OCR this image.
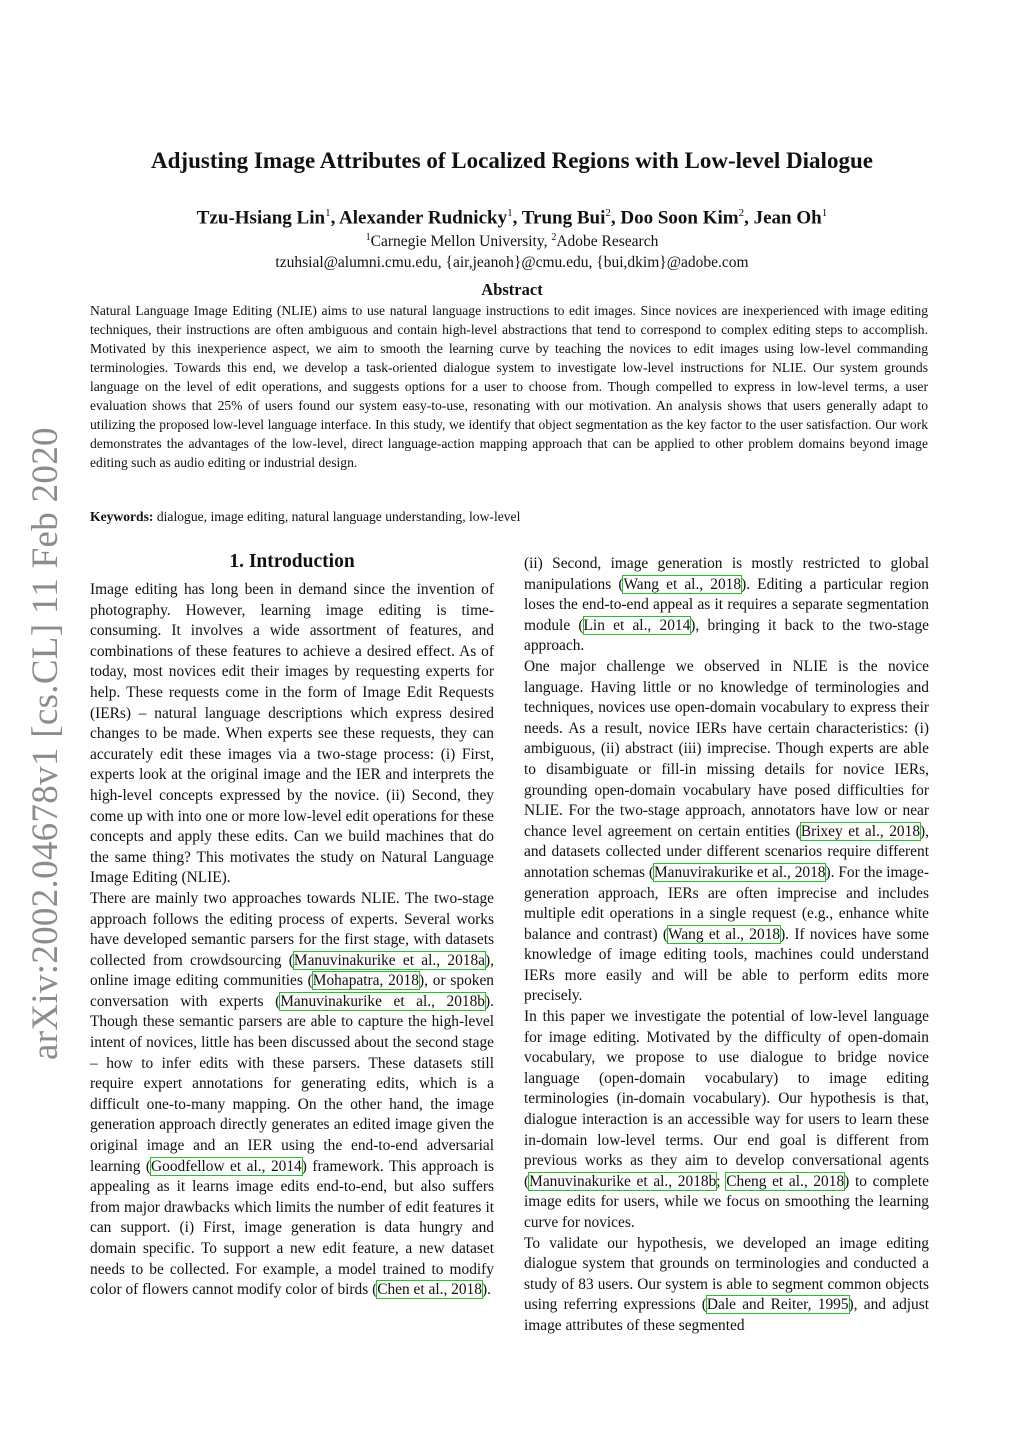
arXiv:2002.04678v1 [cs.CL] 11 Feb 2020
Adjusting Image Attributes of Localized Regions with Low-level Dialogue
Tzu-Hsiang Lin$^1$, Alexander Rudnicky$^1$, Trung Bui$^2$, Doo Soon Kim$^2$, Jean Oh$^1$
$^1$Carnegie Mellon University, $^2$Adobe Research
tzuhsial@alumni.cmu.edu, {air,jeanoh}@cmu.edu, {bui,dkim}@adobe.com
Abstract

Natural Language Image Editing (NLIE) aims to use natural language instructions to edit images. Since novices are inexperienced with image editing techniques, their instructions are often ambiguous and contain high-level abstractions that tend to correspond to complex editing steps to accomplish. Motivated by this inexperience aspect, we aim to smooth the learning curve by teaching the novices to edit images using low-level commanding terminologies. Towards this end, we develop a task-oriented dialogue system to investigate low-level instructions for NLIE. Our system grounds language on the level of edit operations, and suggests options for a user to choose from. Though compelled to express in low-level terms, a user evaluation shows that 25% of users found our system easy-to-use, resonating with our motivation. An analysis shows that users generally adapt to utilizing the proposed low-level language interface. In this study, we identify that object segmentation as the key factor to the user satisfaction. Our work demonstrates the advantages of the low-level, direct language-action mapping approach that can be applied to other problem domains beyond image editing such as audio editing or industrial design.

Keywords: dialogue, image editing, natural language understanding, low-level

1. Introduction

Image editing has long been in demand since the invention of photography. However, learning image editing is time-consuming. It involves a wide assortment of features, and combinations of these features to achieve a desired effect. As of today, most novices edit their images by requesting experts for help. These requests come in the form of Image Edit Requests (IERs) – natural language descriptions which express desired changes to be made. When experts see these requests, they can accurately edit these images via a two-stage process: (i) First, experts look at the original image and the IER and interprets the high-level concepts expressed by the novice. (ii) Second, they come up with into one or more low-level edit operations for these concepts and apply these edits. Can we build machines that do the same thing? This motivates the study on Natural Language Image Editing (NLIE).

There are mainly two approaches towards NLIE. The two-stage approach follows the editing process of experts. Several works have developed semantic parsers for the first stage, with datasets collected from crowdsourcing (Manuvinakurike et al., 2018a), online image editing communities (Mohapatra, 2018), or spoken conversation with experts (Manuvinakurike et al., 2018b). Though these semantic parsers are able to capture the high-level intent of novices, little has been discussed about the second stage – how to infer edits with these parsers. These datasets still require expert annotations for generating edits, which is a difficult one-to-many mapping. On the other hand, the image generation approach directly generates an edited image given the original image and an IER using the end-to-end adversarial learning (Goodfellow et al., 2014) framework. This approach is appealing as it learns image edits end-to-end, but also suffers from major drawbacks which limits the number of edit features it can support. (i) First, image generation is data hungry and domain specific. To support a new edit feature, a new dataset needs to be collected. For example, a model trained to modify color of flowers cannot modify color of birds (Chen et al., 2018).

(ii) Second, image generation is mostly restricted to global manipulations (Wang et al., 2018). Editing a particular region loses the end-to-end appeal as it requires a separate segmentation module (Lin et al., 2014), bringing it back to the two-stage approach.

One major challenge we observed in NLIE is the novice language. Having little or no knowledge of terminologies and techniques, novices use open-domain vocabulary to express their needs. As a result, novice IERs have certain characteristics: (i) ambiguous, (ii) abstract (iii) imprecise. Though experts are able to disambiguate or fill-in missing details for novice IERs, grounding open-domain vocabulary have posed difficulties for NLIE. For the two-stage approach, annotators have low or near chance level agreement on certain entities (Brixey et al., 2018), and datasets collected under different scenarios require different annotation schemas (Manuvirakurike et al., 2018). For the image-generation approach, IERs are often imprecise and includes multiple edit operations in a single request (e.g., enhance white balance and contrast) (Wang et al., 2018). If novices have some knowledge of image editing tools, machines could understand IERs more easily and will be able to perform edits more precisely.

In this paper we investigate the potential of low-level language for image editing. Motivated by the difficulty of open-domain vocabulary, we propose to use dialogue to bridge novice language (open-domain vocabulary) to image editing terminologies (in-domain vocabulary). Our hypothesis is that, dialogue interaction is an accessible way for users to learn these in-domain low-level terms. Our end goal is different from previous works as they aim to develop conversational agents (Manuvinakurike et al., 2018b; Cheng et al., 2018) to complete image edits for users, while we focus on smoothing the learning curve for novices.

To validate our hypothesis, we developed an image editing dialogue system that grounds on terminologies and conducted a study of 83 users. Our system is able to segment common objects using referring expressions (Dale and Reiter, 1995), and adjust image attributes of these segmented
